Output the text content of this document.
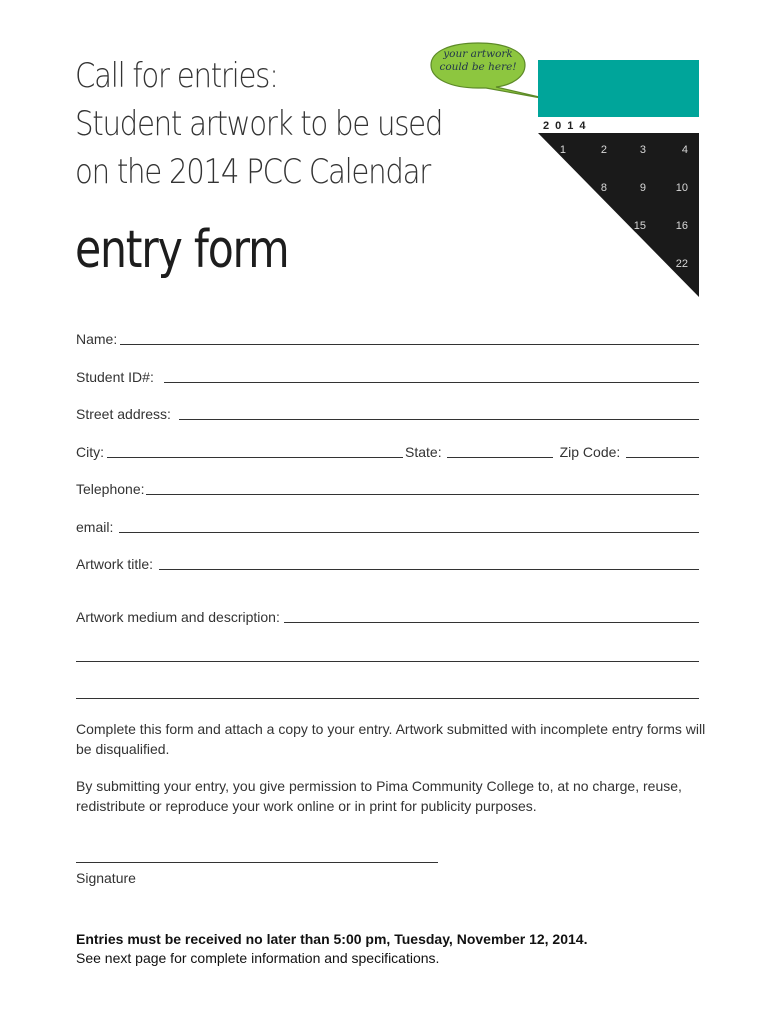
Call for entries:
Student artwork to be used
on the 2014 PCC Calendar
entry form
your artwork
could be here!
2014
1	2	3	4
8	9	10
15	16
22
Name:
Student ID#:
Street address:
City:	State:	Zip Code:
Telephone:
email:
Artwork title:
Artwork medium and description:
Complete this form and attach a copy to your entry. Artwork submitted with incomplete entry forms will be disqualified.
By submitting your entry, you give permission to Pima Community College to, at no charge, reuse, redistribute or reproduce your work online or in print for publicity purposes.
Signature
Entries must be received no later than 5:00 pm, Tuesday, November 12, 2014.
See next page for complete information and specifications.
